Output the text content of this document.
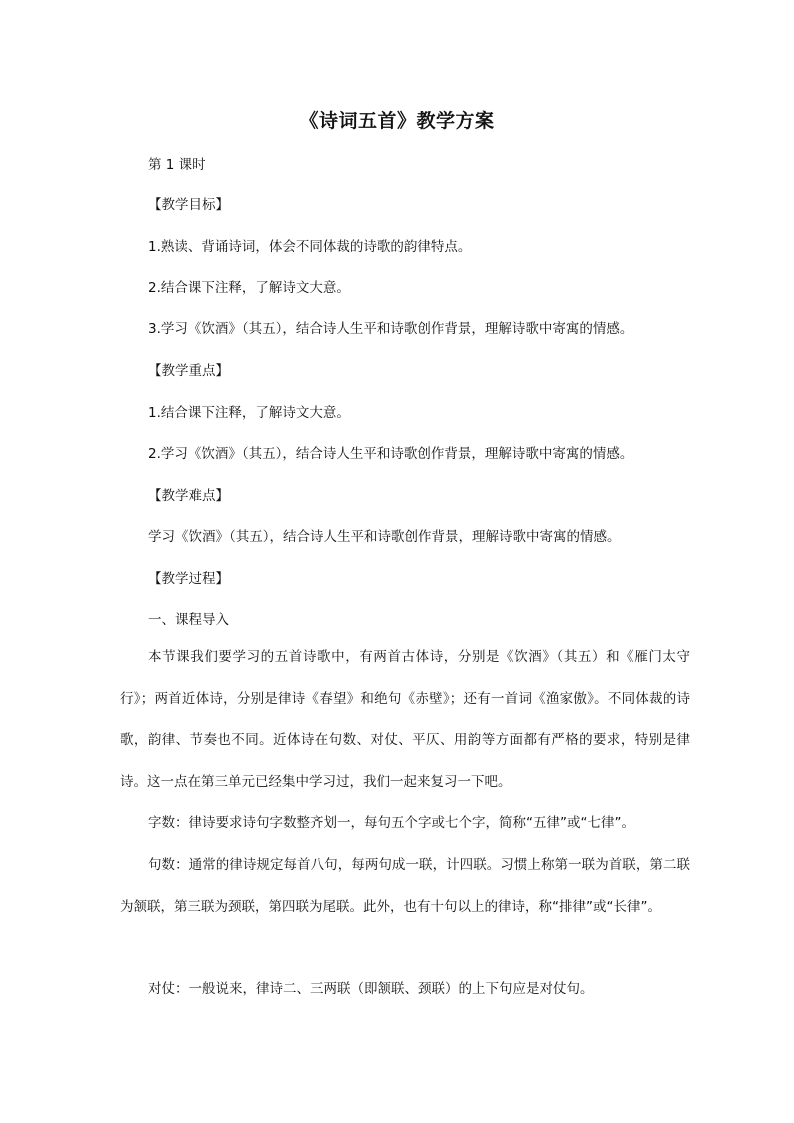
《诗词五首》教学方案
第 1 课时
【教学目标】
1.熟读、背诵诗词，体会不同体裁的诗歌的韵律特点。
2.结合课下注释，了解诗文大意。
3.学习《饮酒》（其五），结合诗人生平和诗歌创作背景，理解诗歌中寄寓的情感。
【教学重点】
1.结合课下注释，了解诗文大意。
2.学习《饮酒》（其五），结合诗人生平和诗歌创作背景，理解诗歌中寄寓的情感。
【教学难点】
学习《饮酒》（其五），结合诗人生平和诗歌创作背景，理解诗歌中寄寓的情感。
【教学过程】
一、课程导入
本节课我们要学习的五首诗歌中，有两首古体诗，分别是《饮酒》（其五）和《雁门太守行》；两首近体诗，分别是律诗《春望》和绝句《赤壁》；还有一首词《渔家傲》。不同体裁的诗歌，韵律、节奏也不同。近体诗在句数、对仗、平仄、用韵等方面都有严格的要求，特别是律诗。这一点在第三单元已经集中学习过，我们一起来复习一下吧。
字数：律诗要求诗句字数整齐划一，每句五个字或七个字，简称“五律”或“七律”。
句数：通常的律诗规定每首八句，每两句成一联，计四联。习惯上称第一联为首联，第二联为颔联，第三联为颈联，第四联为尾联。此外，也有十句以上的律诗，称“排律”或“长律”。
对仗：一般说来，律诗二、三两联（即颔联、颈联）的上下句应是对仗句。
